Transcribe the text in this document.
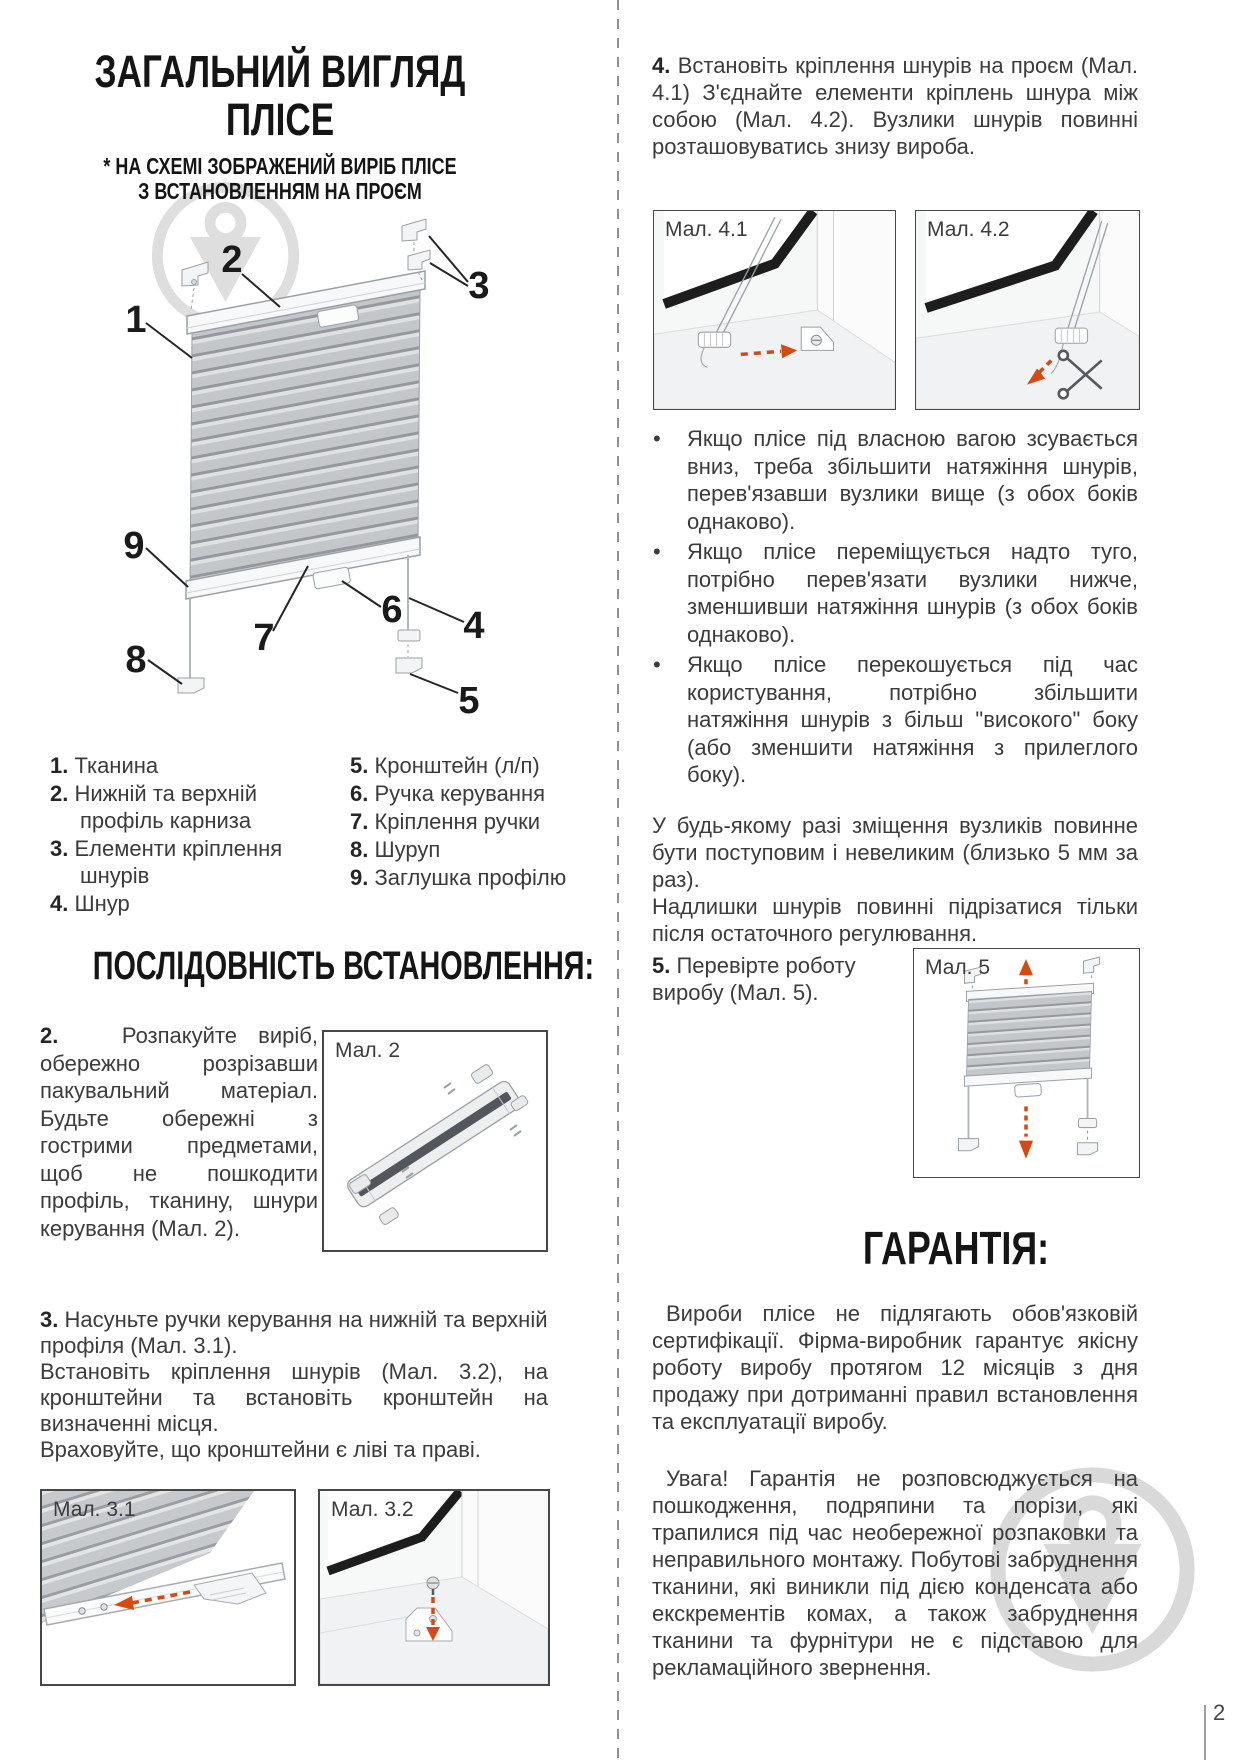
ЗАГАЛЬНИЙ ВИГЛЯД
ПЛІСЕ
* НА СХЕМІ ЗОБРАЖЕНИЙ ВИРІБ ПЛІСЕ
З ВСТАНОВЛЕННЯМ НА ПРОЄМ
1
2
3
4
5
6
7
8
9
1. Тканина
2. Нижній та верхній профіль карниза
3. Елементи кріплення шнурів
4. Шнур
5. Кронштейн (л/п)
6. Ручка керування
7. Кріплення ручки
8. Шуруп
9. Заглушка профілю
ПОСЛІДОВНІСТЬ ВСТАНОВЛЕННЯ:
2.	Розпакуйте виріб, обережно розрізавши пакувальний матеріал. Будьте обережні з гострими предметами, щоб не пошкодити профіль, тканину, шнури керування (Мал. 2).
Мал. 2

3. Насуньте ручки керування на нижній та верхній профіля (Мал. 3.1).

Встановіть кріплення шнурів (Мал. 3.2), на кронштейни та встановіть кронштейн на визначенні місця.

Враховуйте, що кронштейни є ліві та праві.

Мал. 3.1	Мал. 3.2
4. Встановіть кріплення шнурів на проєм (Мал. 4.1) З'єднайте елементи кріплень шнура між собою (Мал. 4.2). Вузлики шнурів повинні розташовуватись знизу вироба.
Мал. 4.1	Мал. 4.2
•	Якщо плісе під власною вагою зсувається вниз, треба збільшити натяжіння шнурів, перев'язавши вузлики вище (з обох боків однаково).
•	Якщо плісе переміщується надто туго, потрібно перев'язати вузлики нижче, зменшивши натяжіння шнурів (з обох боків однаково).
•	Якщо плісе перекошується під час користування, потрібно збільшити натяжіння шнурів з більш "високого" боку (або зменшити натяжіння з прилеглого боку).

У будь-якому разі зміщення вузликів повинне бути поступовим і невеликим (близько 5 мм за раз).

Надлишки шнурів повинні підрізатися тільки після остаточного регулювання.

5. Перевірте роботу виробу (Мал. 5).
Мал. 5
ГАРАНТІЯ:
Вироби плісе не підлягають обов'язковій сертифікації. Фірма-виробник гарантує якісну роботу виробу протягом 12 місяців з дня продажу при дотриманні правил встановлення та експлуатації виробу.
Увага! Гарантія не розповсюджується на пошкодження, подряпини та порізи, які трапилися під час необережної розпаковки та неправильного монтажу. Побутові забруднення тканини, які виникли під дією конденсата або екскрементів комах, а також забруднення тканини та фурнітури не є підставою для рекламаційного звернення.
2
